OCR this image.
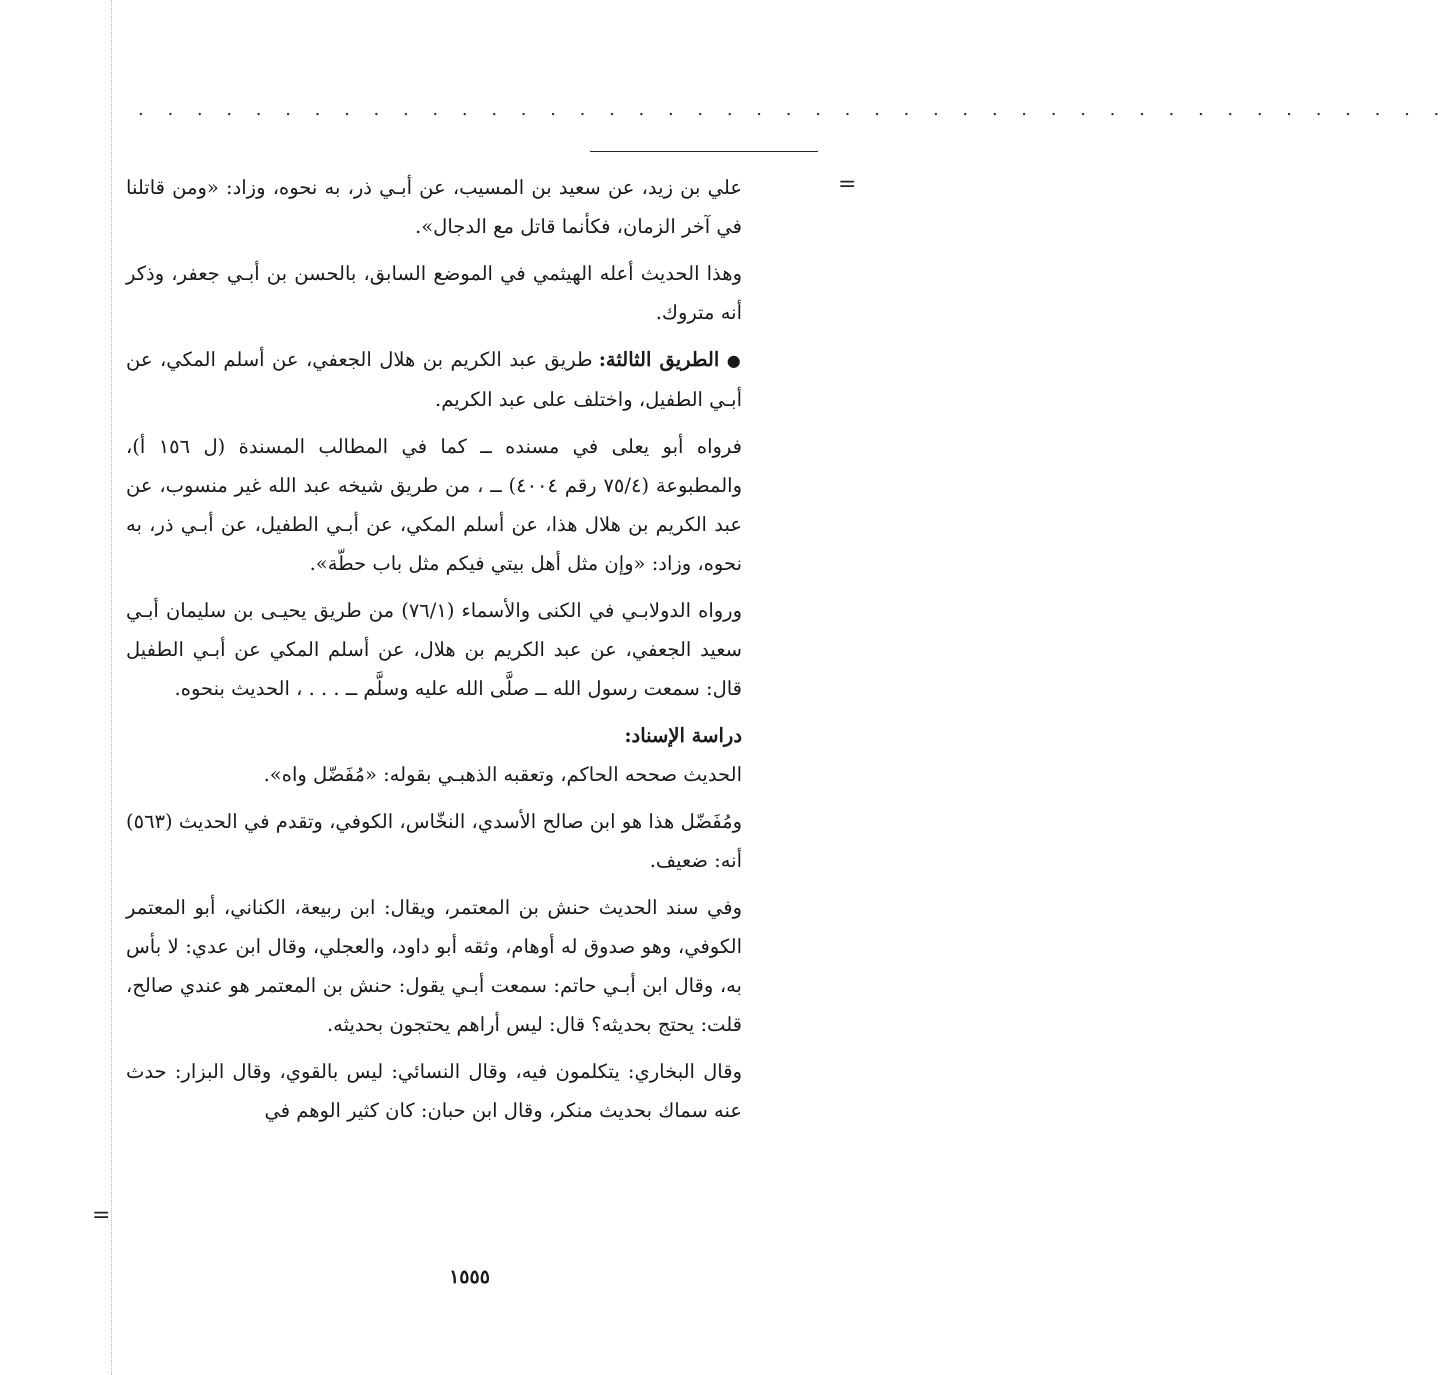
. . . . . . . . . . . . . . . . . . . . . . . . . . . . . . . . . . . . . . . . . . . . .
=

علي بن زيد، عن سعيد بن المسيب، عن أبـي ذر، به نحوه، وزاد: «ومن قاتلنا في آخر الزمان، فكأنما قاتل مع الدجال».

وهذا الحديث أعله الهيثمي في الموضع السابق، بالحسن بن أبـي جعفر، وذكر أنه متروك.

● الطريق الثالثة: طريق عبد الكريم بن هلال الجعفي، عن أسلم المكي، عن أبـي الطفيل، واختلف على عبد الكريم.

فرواه أبو يعلى في مسنده ــ كما في المطالب المسندة (ل ١٥٦ أ)، والمطبوعة (٧٥/٤ رقم ٤٠٠٤) ــ ، من طريق شيخه عبد الله غير منسوب، عن عبد الكريم بن هلال هذا، عن أسلم المكي، عن أبـي الطفيل، عن أبـي ذر، به نحوه، وزاد: «وإن مثل أهل بيتي فيكم مثل باب حطّة».

ورواه الدولابـي في الكنى والأسماء (٧٦/١) من طريق يحيـى بن سليمان أبـي سعيد الجعفي، عن عبد الكريم بن هلال، عن أسلم المكي عن أبـي الطفيل قال: سمعت رسول الله ــ صلَّى الله عليه وسلَّم ــ . . . ، الحديث بنحوه.

دراسة الإسناد:

الحديث صححه الحاكم، وتعقبه الذهبـي بقوله: «مُفَضّل واه».

ومُفَضّل هذا هو ابن صالح الأسدي، النخّاس، الكوفي، وتقدم في الحديث (٥٦٣) أنه: ضعيف.

وفي سند الحديث حنش بن المعتمر، ويقال: ابن ربيعة، الكناني، أبو المعتمر الكوفي، وهو صدوق له أوهام، وثقه أبو داود، والعجلي، وقال ابن عدي: لا بأس به، وقال ابن أبـي حاتم: سمعت أبـي يقول: حنش بن المعتمر هو عندي صالح، قلت: يحتج بحديثه؟ قال: ليس أراهم يحتجون بحديثه.

وقال البخاري: يتكلمون فيه، وقال النسائي: ليس بالقوي، وقال البزار: حدث عنه سماك بحديث منكر، وقال ابن حبان: كان كثير الوهم في

=
١٥٥٥
